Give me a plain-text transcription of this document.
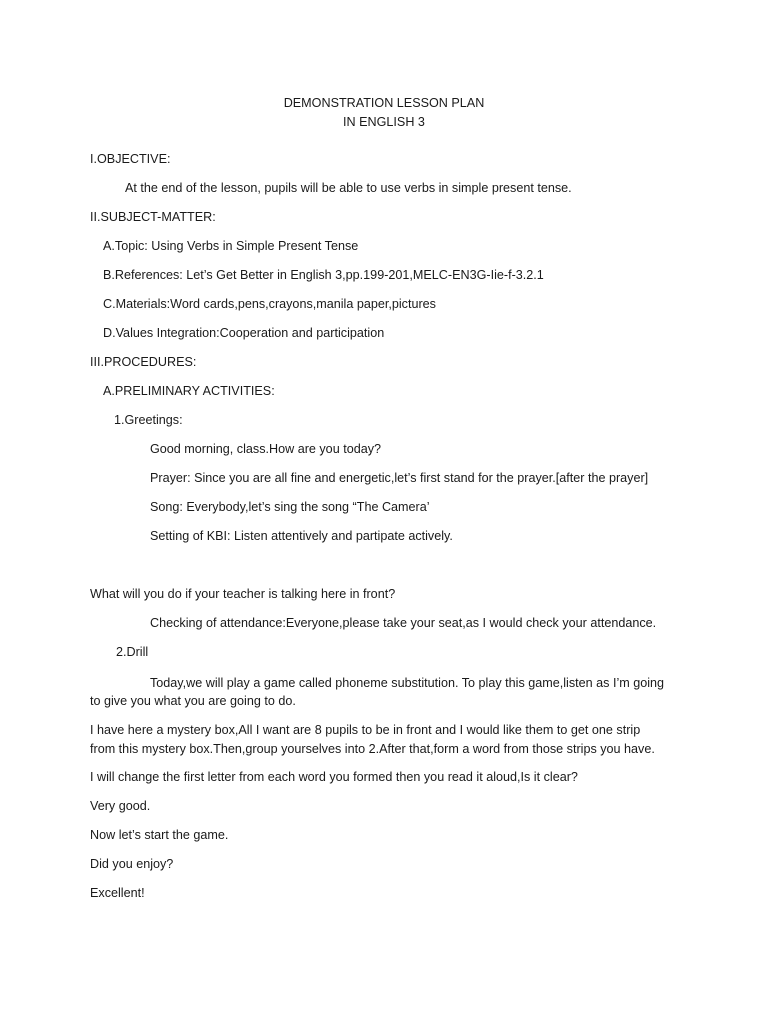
DEMONSTRATION LESSON PLAN

IN ENGLISH 3

I.OBJECTIVE:

At the end of the lesson, pupils will be able to use verbs in simple present tense.

II.SUBJECT-MATTER:

A.Topic: Using Verbs in Simple Present Tense

B.References: Let’s Get Better in English 3,pp.199-201,MELC-EN3G-Iie-f-3.2.1

C.Materials:Word cards,pens,crayons,manila paper,pictures

D.Values Integration:Cooperation and participation

III.PROCEDURES:

A.PRELIMINARY ACTIVITIES:

1.Greetings:

Good morning, class.How are you today?

Prayer: Since you are all fine and energetic,let’s first stand for the prayer.[after the prayer]

Song: Everybody,let’s sing the song “The Camera’

Setting of KBI: Listen attentively and partipate actively.

What will you do if your teacher is talking here in front?

Checking of attendance:Everyone,please take your seat,as I would check your attendance.

2.Drill

Today,we will play a game called phoneme substitution. To play this game,listen as I’m going

to give you what you are going to do.

I have here a mystery box,All I want are 8 pupils to be in front and I would like them to get one strip

from this mystery box.Then,group yourselves into 2.After that,form a word from those strips you have.

I will change the first letter from each word you formed then you read it aloud,Is it clear?

Very good.

Now let’s start the game.

Did you enjoy?

Excellent!
